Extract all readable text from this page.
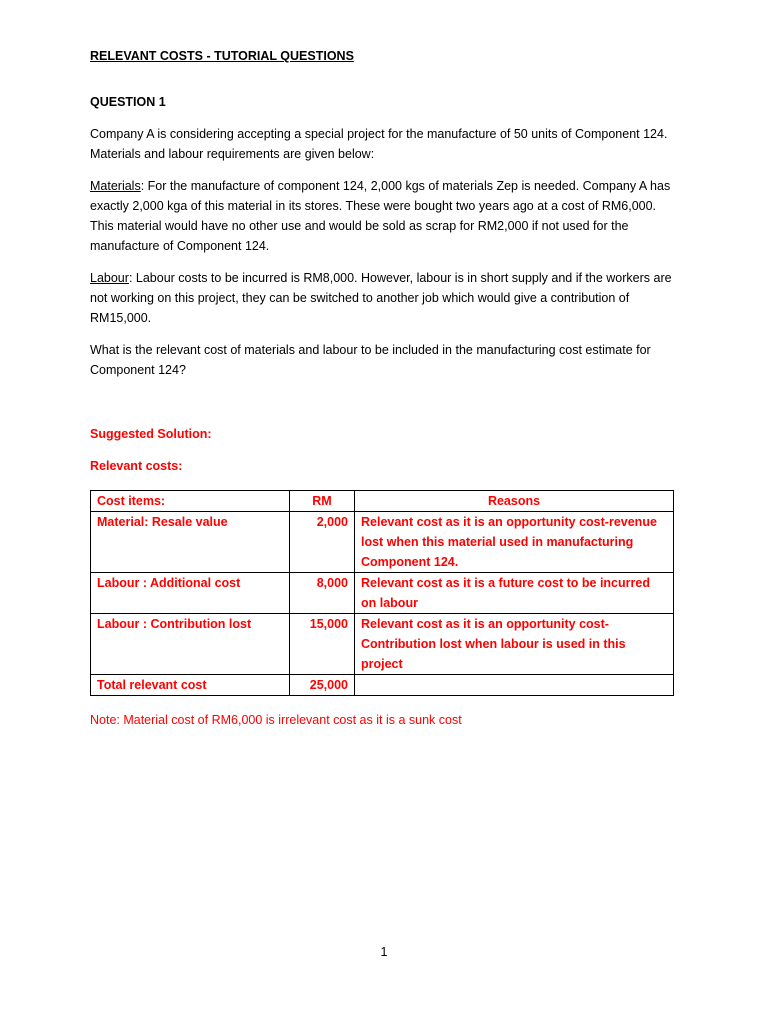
RELEVANT COSTS - TUTORIAL QUESTIONS

QUESTION 1

Company A is considering accepting a special project for the manufacture of 50 units of Component 124. Materials and labour requirements are given below:

Materials: For the manufacture of component 124, 2,000 kgs of materials Zep is needed. Company A has exactly 2,000 kga of this material in its stores. These were bought two years ago at a cost of RM6,000. This material would have no other use and would be sold as scrap for RM2,000 if not used for the manufacture of Component 124.

Labour: Labour costs to be incurred is RM8,000. However, labour is in short supply and if the workers are not working on this project, they can be switched to another job which would give a contribution of RM15,000.

What is the relevant cost of materials and labour to be included in the manufacturing cost estimate for Component 124?

Suggested Solution:

Relevant costs:

Cost items:	RM	Reasons
Material: Resale value	2,000	Relevant cost as it is an opportunity cost-revenue lost when this material used in manufacturing Component 124.
Labour : Additional cost	8,000	Relevant cost as it is a future cost to be incurred on labour
Labour : Contribution lost	15,000	Relevant cost as it is an opportunity cost-Contribution lost when labour is used in this project
Total relevant cost	25,000	

Note: Material cost of RM6,000 is irrelevant cost as it is a sunk cost

1
